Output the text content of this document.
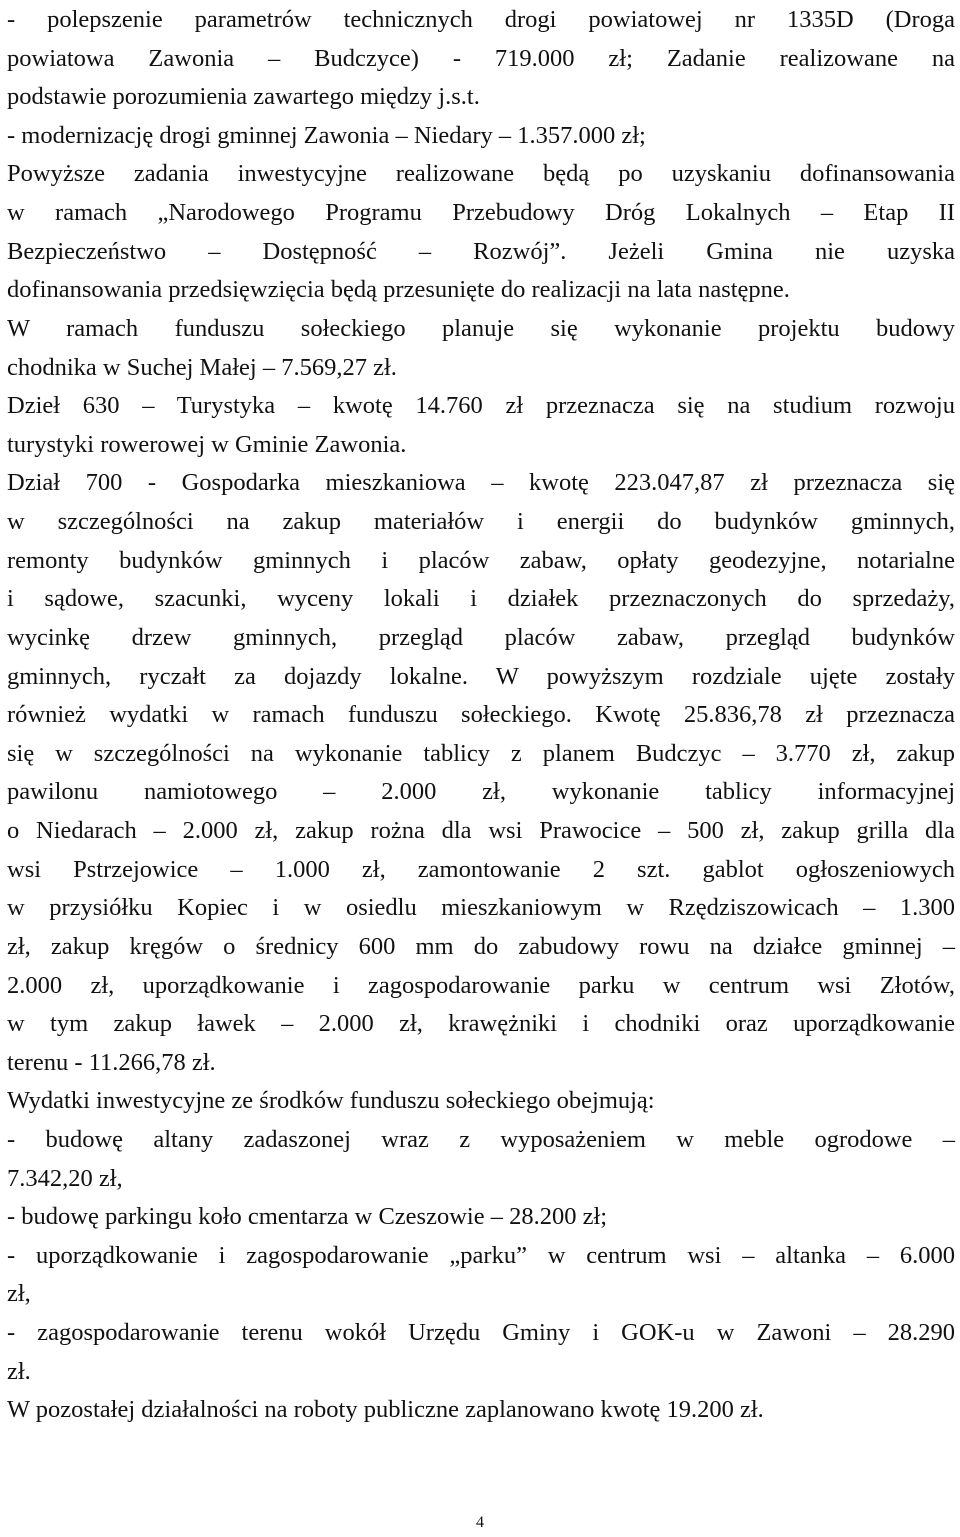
- polepszenie parametrów technicznych drogi powiatowej nr 1335D (Droga
powiatowa Zawonia – Budczyce) - 719.000 zł; Zadanie realizowane na
podstawie porozumienia zawartego między j.s.t.
- modernizację drogi gminnej Zawonia – Niedary – 1.357.000 zł;
Powyższe zadania inwestycyjne realizowane będą po uzyskaniu dofinansowania
w ramach „Narodowego Programu Przebudowy Dróg Lokalnych – Etap II
Bezpieczeństwo – Dostępność – Rozwój”. Jeżeli Gmina nie uzyska
dofinansowania przedsięwzięcia będą przesunięte do realizacji na lata następne.
W ramach funduszu sołeckiego planuje się wykonanie projektu budowy
chodnika w Suchej Małej – 7.569,27 zł.
Dzieł 630 – Turystyka – kwotę 14.760 zł przeznacza się na studium rozwoju
turystyki rowerowej w Gminie Zawonia.
Dział 700 - Gospodarka mieszkaniowa – kwotę 223.047,87 zł przeznacza się
w szczególności na zakup materiałów i energii do budynków gminnych,
remonty budynków gminnych i placów zabaw, opłaty geodezyjne, notarialne
i sądowe, szacunki, wyceny lokali i działek przeznaczonych do sprzedaży,
wycinkę drzew gminnych, przegląd placów zabaw, przegląd budynków
gminnych, ryczałt za dojazdy lokalne. W powyższym rozdziale ujęte zostały
również wydatki w ramach funduszu sołeckiego. Kwotę 25.836,78 zł przeznacza
się w szczególności na wykonanie tablicy z planem Budczyc – 3.770 zł, zakup
pawilonu namiotowego – 2.000 zł, wykonanie tablicy informacyjnej
o Niedarach – 2.000 zł, zakup rożna dla wsi Prawocice – 500 zł, zakup grilla dla
wsi Pstrzejowice – 1.000 zł, zamontowanie 2 szt. gablot ogłoszeniowych
w przysiółku Kopiec i w osiedlu mieszkaniowym w Rzędziszowicach – 1.300
zł, zakup kręgów o średnicy 600 mm do zabudowy rowu na działce gminnej –
2.000 zł, uporządkowanie i zagospodarowanie parku w centrum wsi Złotów,
w tym zakup ławek – 2.000 zł, krawężniki i chodniki oraz uporządkowanie
terenu - 11.266,78 zł.
Wydatki inwestycyjne ze środków funduszu sołeckiego obejmują:
- budowę altany zadaszonej wraz z wyposażeniem w meble ogrodowe –
7.342,20 zł,
- budowę parkingu koło cmentarza w Czeszowie – 28.200 zł;
- uporządkowanie i zagospodarowanie „parku” w centrum wsi – altanka – 6.000
zł,
- zagospodarowanie terenu wokół Urzędu Gminy i GOK-u w Zawoni – 28.290
zł.
W pozostałej działalności na roboty publiczne zaplanowano kwotę 19.200 zł.
4
